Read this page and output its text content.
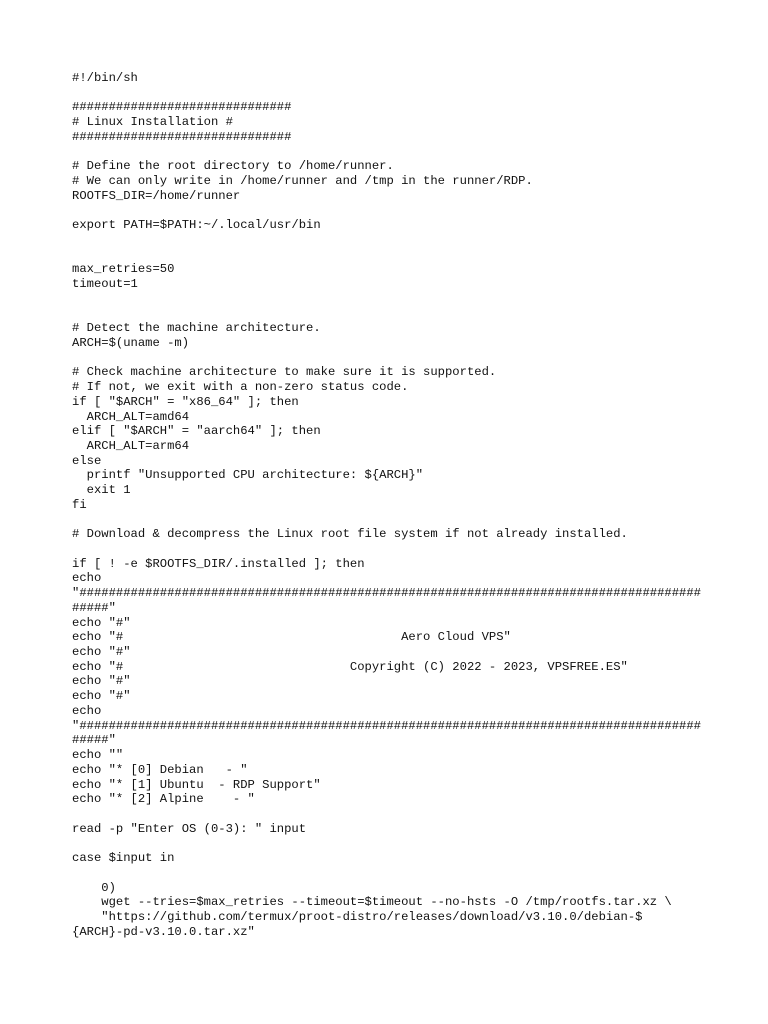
#!/bin/sh
##############################
# Linux Installation #
##############################
# Define the root directory to /home/runner.
# We can only write in /home/runner and /tmp in the runner/RDP.
ROOTFS_DIR=/home/runner
export PATH=$PATH:~/.local/usr/bin
max_retries=50
timeout=1
# Detect the machine architecture.
ARCH=$(uname -m)
# Check machine architecture to make sure it is supported.
# If not, we exit with a non-zero status code.
if [ "$ARCH" = "x86_64" ]; then
ARCH_ALT=amd64
elif [ "$ARCH" = "aarch64" ]; then
ARCH_ALT=arm64
else
printf "Unsupported CPU architecture: ${ARCH}"
exit 1
fi
# Download & decompress the Linux root file system if not already installed.
if [ ! -e $ROOTFS_DIR/.installed ]; then
echo
"#####################################################################################
#####"
echo "#"
echo "#                                      Aero Cloud VPS"
echo "#"
echo "#                               Copyright (C) 2022 - 2023, VPSFREE.ES"
echo "#"
echo "#"
echo
"#####################################################################################
#####"
echo ""
echo "* [0] Debian   - "
echo "* [1] Ubuntu  - RDP Support"
echo "* [2] Alpine    - "
read -p "Enter OS (0-3): " input
case $input in
0)
wget --tries=$max_retries --timeout=$timeout --no-hsts -O /tmp/rootfs.tar.xz \
"https://github.com/termux/proot-distro/releases/download/v3.10.0/debian-$
{ARCH}-pd-v3.10.0.tar.xz"
